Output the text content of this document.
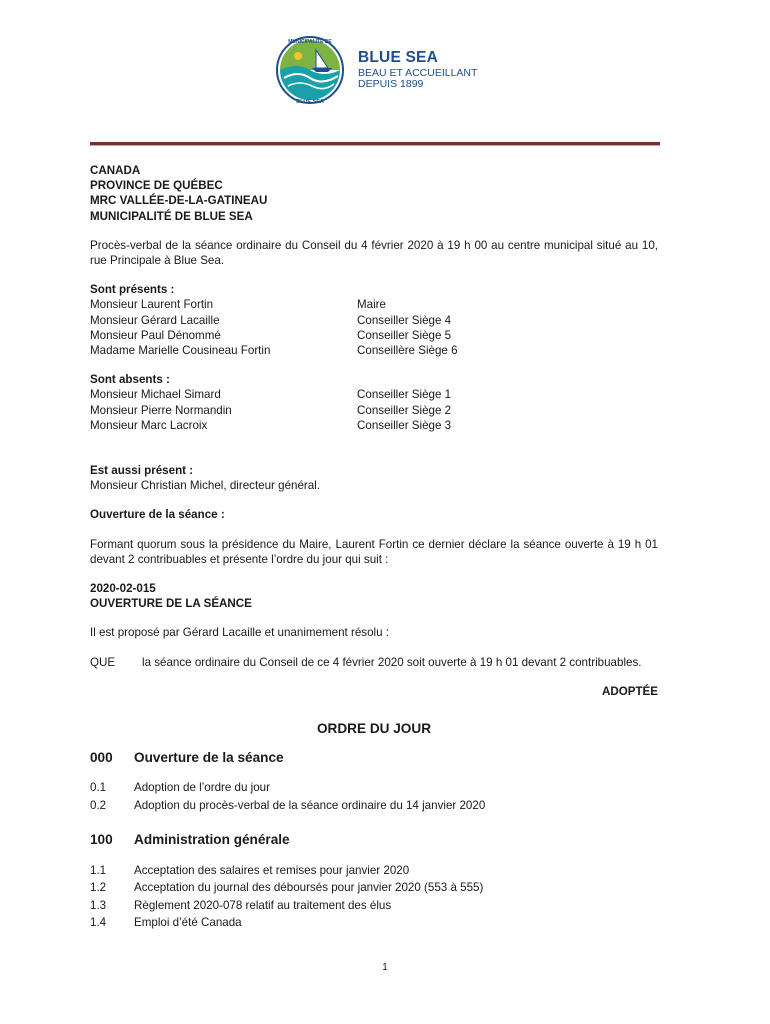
BLUE SEA
MUNICIPALITÉ DE
BLUE SEA
BEAU ET ACCUEILLANT
DEPUIS 1899

CANADA

PROVINCE DE QUÉBEC

MRC VALLÉE-DE-LA-GATINEAU

MUNICIPALITÉ DE BLUE SEA

Procès-verbal de la séance ordinaire du Conseil du 4 février 2020 à 19 h 00 au centre municipal situé au 10, rue Principale à Blue Sea.

Sont présents :

Monsieur Laurent Fortin	Maire
Monsieur Gérard Lacaille	Conseiller Siège 4
Monsieur Paul Dénommé	Conseiller Siège 5
Madame Marielle Cousineau Fortin	Conseillère Siège 6

Sont absents :

Monsieur Michael Simard	Conseiller Siège 1
Monsieur Pierre Normandin	Conseiller Siège 2
Monsieur Marc Lacroix	Conseiller Siège 3

Est aussi présent :

Monsieur Christian Michel, directeur général.

Ouverture de la séance :

Formant quorum sous la présidence du Maire, Laurent Fortin ce dernier déclare la séance ouverte à 19 h 01 devant 2 contribuables et présente l’ordre du jour qui suit :

2020-02-015

OUVERTURE DE LA SÉANCE

Il est proposé par Gérard Lacaille et unanimement résolu :

QUE	la séance ordinaire du Conseil de ce 4 février 2020 soit ouverte à 19 h 01 devant 2 contribuables.

ADOPTÉE

ORDRE DU JOUR

000	Ouverture de la séance
0.1	Adoption de l’ordre du jour
0.2	Adoption du procès-verbal de la séance ordinaire du 14 janvier 2020
100	Administration générale
1.1	Acceptation des salaires et remises pour janvier 2020
1.2	Acceptation du journal des déboursés pour janvier 2020 (553 à 555)
1.3	Règlement 2020-078 relatif au traitement des élus
1.4	Emploi d’été Canada
1
